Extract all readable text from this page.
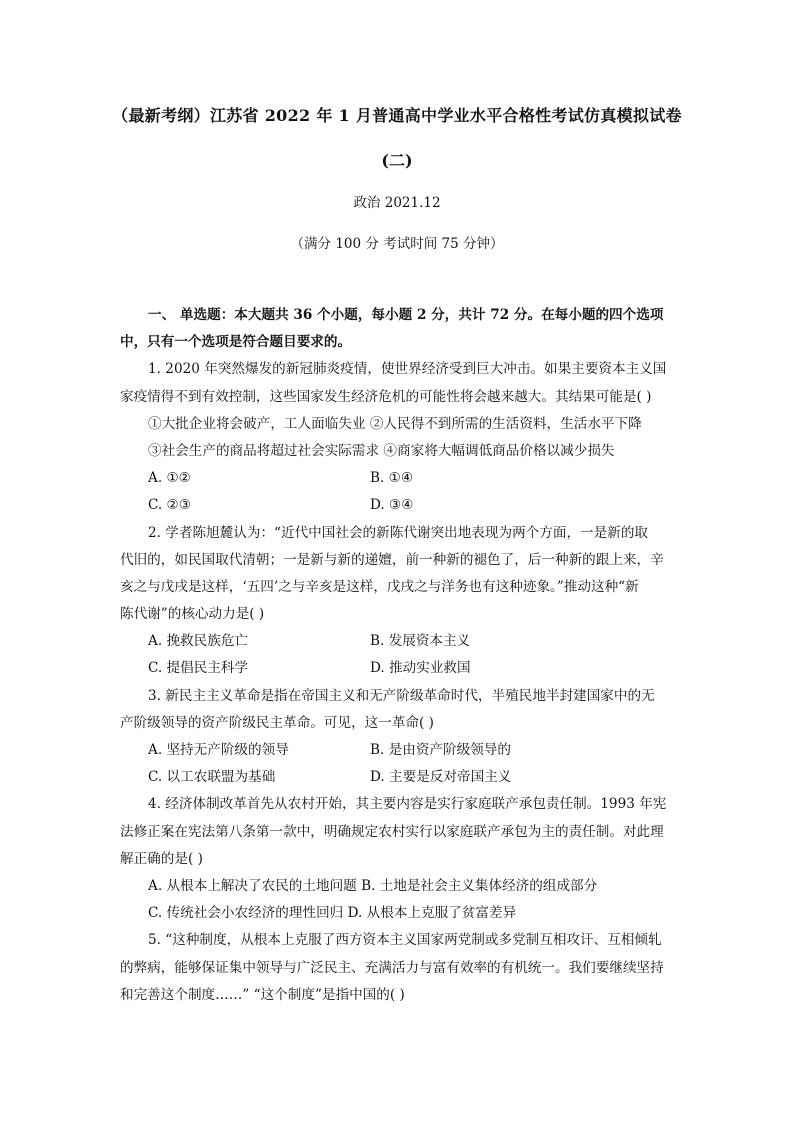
（最新考纲）江苏省 2022 年 1 月普通高中学业水平合格性考试仿真模拟试卷
(二)
政治 2021.12
（满分 100 分 考试时间 75 分钟）
一、 单选题：本大题共 36 个小题，每小题 2 分，共计 72 分。在每小题的四个选项
中，只有一个选项是符合题目要求的。
1. 2020 年突然爆发的新冠肺炎疫情，使世界经济受到巨大冲击。如果主要资本主义国
家疫情得不到有效控制，这些国家发生经济危机的可能性将会越来越大。其结果可能是( )
①大批企业将会破产，工人面临失业 ②人民得不到所需的生活资料，生活水平下降
③社会生产的商品将超过社会实际需求 ④商家将大幅调低商品价格以减少损失
A. ①②	B. ①④
C. ②③	D. ③④
2. 学者陈旭麓认为：“近代中国社会的新陈代谢突出地表现为两个方面，一是新的取
代旧的，如民国取代清朝；一是新与新的递嬗，前一种新的褪色了，后一种新的跟上来，辛
亥之与戊戌是这样，‘五四’之与辛亥是这样，戊戌之与洋务也有这种迹象。”推动这种“新
陈代谢”的核心动力是( )
A. 挽救民族危亡	B. 发展资本主义
C. 提倡民主科学	D. 推动实业救国
3. 新民主主义革命是指在帝国主义和无产阶级革命时代，半殖民地半封建国家中的无
产阶级领导的资产阶级民主革命。可见，这一革命( )
A. 坚持无产阶级的领导	B. 是由资产阶级领导的
C. 以工农联盟为基础	D. 主要是反对帝国主义
4. 经济体制改革首先从农村开始，其主要内容是实行家庭联产承包责任制。1993 年宪
法修正案在宪法第八条第一款中，明确规定农村实行以家庭联产承包为主的责任制。对此理
解正确的是( )
A. 从根本上解决了农民的土地问题 B. 土地是社会主义集体经济的组成部分
C. 传统社会小农经济的理性回归 D. 从根本上克服了贫富差异
5. “这种制度，从根本上克服了西方资本主义国家两党制或多党制互相攻讦、互相倾轧
的弊病，能够保证集中领导与广泛民主、充满活力与富有效率的有机统一。我们要继续坚持
和完善这个制度……” “这个制度”是指中国的( )
